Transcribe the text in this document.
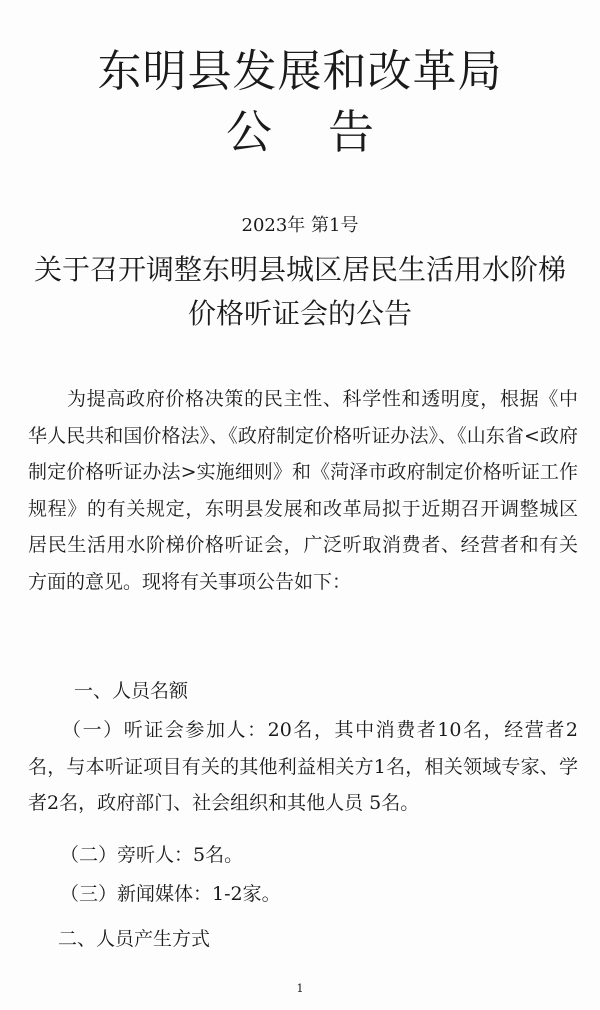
东明县发展和改革局
公告
2023年 第1号
关于召开调整东明县城区居民生活用水阶梯价格听证会的公告
为提高政府价格决策的民主性、科学性和透明度，根据《中华人民共和国价格法》、《政府制定价格听证办法》、《山东省<政府制定价格听证办法>实施细则》和《菏泽市政府制定价格听证工作规程》的有关规定，东明县发展和改革局拟于近期召开调整城区居民生活用水阶梯价格听证会，广泛听取消费者、经营者和有关方面的意见。现将有关事项公告如下：
一、人员名额
（一）听证会参加人：20名，其中消费者10名，经营者2名，与本听证项目有关的其他利益相关方1名，相关领域专家、学者2名，政府部门、社会组织和其他人员 5名。
（二）旁听人：5名。
（三）新闻媒体：1-2家。
二、人员产生方式
1
